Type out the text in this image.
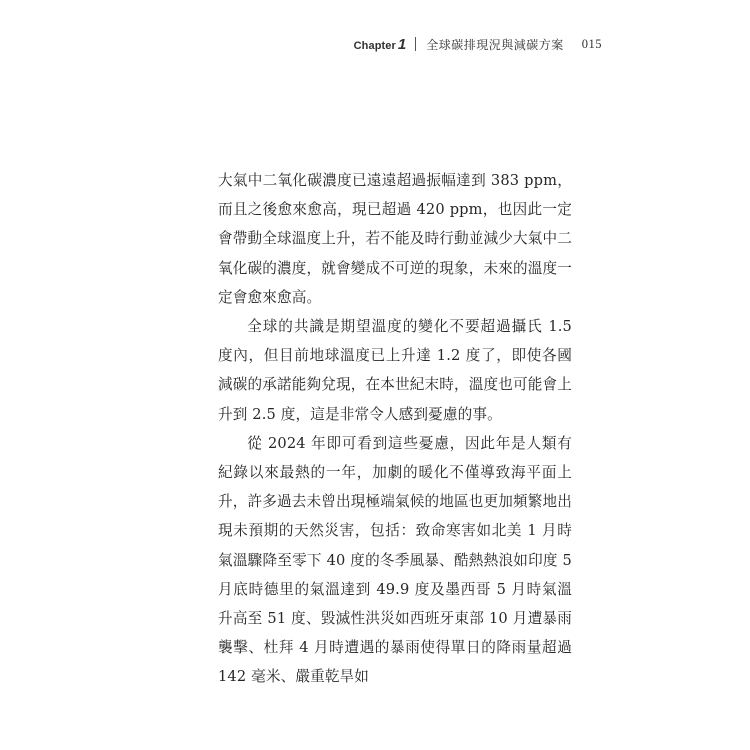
Chapter 1 全球碳排現況與減碳方案 015

大氣中二氧化碳濃度已遠遠超過振幅達到 383 ppm，而且之後愈來愈高，現已超過 420 ppm，也因此一定會帶動全球溫度上升，若不能及時行動並減少大氣中二氧化碳的濃度，就會變成不可逆的現象，未來的溫度一定會愈來愈高。

全球的共識是期望溫度的變化不要超過攝氏 1.5 度內，但目前地球溫度已上升達 1.2 度了，即使各國減碳的承諾能夠兌現，在本世紀末時，溫度也可能會上升到 2.5 度，這是非常令人感到憂慮的事。

從 2024 年即可看到這些憂慮，因此年是人類有紀錄以來最熱的一年，加劇的暖化不僅導致海平面上升，許多過去未曾出現極端氣候的地區也更加頻繁地出現未預期的天然災害，包括：致命寒害如北美 1 月時氣溫驟降至零下 40 度的冬季風暴、酷熱熱浪如印度 5 月底時德里的氣溫達到 49.9 度及墨西哥 5 月時氣溫升高至 51 度、毀滅性洪災如西班牙東部 10 月遭暴雨襲擊、杜拜 4 月時遭遇的暴雨使得單日的降雨量超過 142 毫米、嚴重乾旱如
